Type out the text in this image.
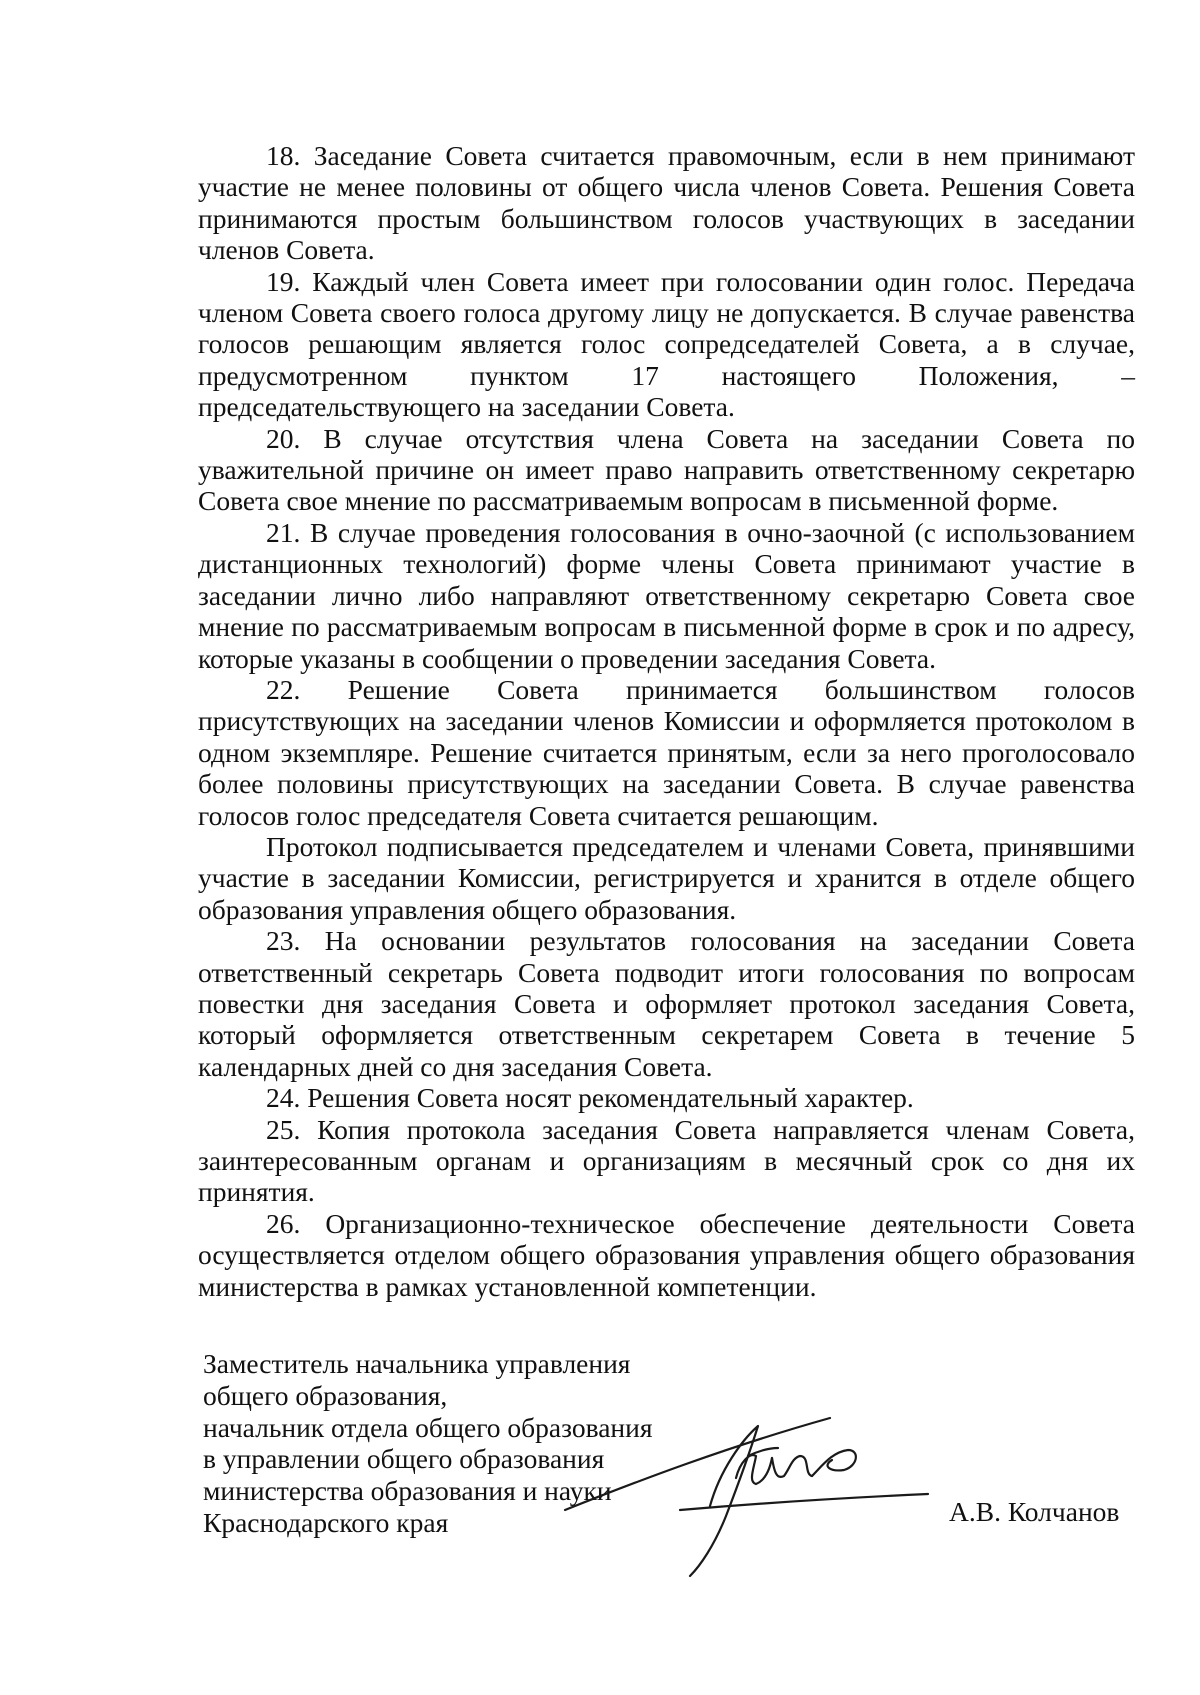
18. Заседание Совета считается правомочным, если в нем принимают участие не менее половины от общего числа членов Совета. Решения Совета принимаются простым большинством голосов участвующих в заседании членов Совета.

19. Каждый член Совета имеет при голосовании один голос. Передача членом Совета своего голоса другому лицу не допускается. В случае равенства голосов решающим является голос сопредседателей Совета, а в случае, предусмотренном пунктом 17 настоящего Положения, – председательствующего на заседании Совета.

20. В случае отсутствия члена Совета на заседании Совета по уважительной причине он имеет право направить ответственному секретарю Совета свое мнение по рассматриваемым вопросам в письменной форме.

21. В случае проведения голосования в очно-заочной (с использованием дистанционных технологий) форме члены Совета принимают участие в заседании лично либо направляют ответственному секретарю Совета свое мнение по рассматриваемым вопросам в письменной форме в срок и по адресу, которые указаны в сообщении о проведении заседания Совета.

22. Решение Совета принимается большинством голосов присутствующих на заседании членов Комиссии и оформляется протоколом в одном экземпляре. Решение считается принятым, если за него проголосовало более половины присутствующих на заседании Совета. В случае равенства голосов голос председателя Совета считается решающим.

Протокол подписывается председателем и членами Совета, принявшими участие в заседании Комиссии, регистрируется и хранится в отделе общего образования управления общего образования.

23. На основании результатов голосования на заседании Совета ответственный секретарь Совета подводит итоги голосования по вопросам повестки дня заседания Совета и оформляет протокол заседания Совета, который оформляется ответственным секретарем Совета в течение 5 календарных дней со дня заседания Совета.

24. Решения Совета носят рекомендательный характер.

25. Копия протокола заседания Совета направляется членам Совета, заинтересованным органам и организациям в месячный срок со дня их принятия.

26. Организационно-техническое обеспечение деятельности Совета осуществляется отделом общего образования управления общего образования министерства в рамках установленной компетенции.

Заместитель начальника управления
общего образования,
начальник отдела общего образования
в управлении общего образования
министерства образования и науки
Краснодарского края	А.В. Колчанов
